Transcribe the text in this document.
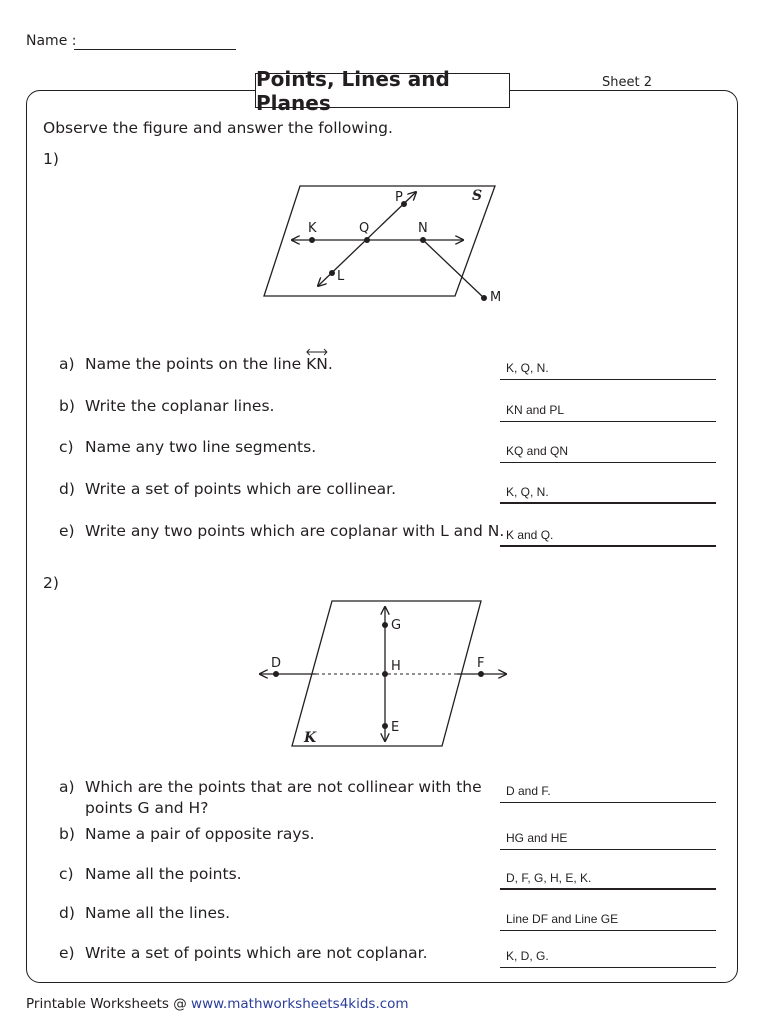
Name :
Sheet 2
Points, Lines and Planes
Observe the figure and answer the following.
1)
S
K	Q	N
P
L
M
a) Name the points on the line
KN.	K, Q, N.
b) Write the coplanar lines.	KN and PL
c) Name any two line segments.	KQ and QN
d) Write a set of points which are collinear.	K, Q, N.
e) Write any two points which are coplanar with L and N. K and Q.
2)
K
G
D	H	F
E
a) Which are the points that are not collinear with the
points G and H?
D and F.
b) Name a pair of opposite rays.	HG and HE
c) Name all the points.	D, F, G, H, E, K.
d) Name all the lines.	Line DF and Line GE
e) Write a set of points which are not coplanar.	K, D, G.
Printable Worksheets @ www.mathworksheets4kids.com
